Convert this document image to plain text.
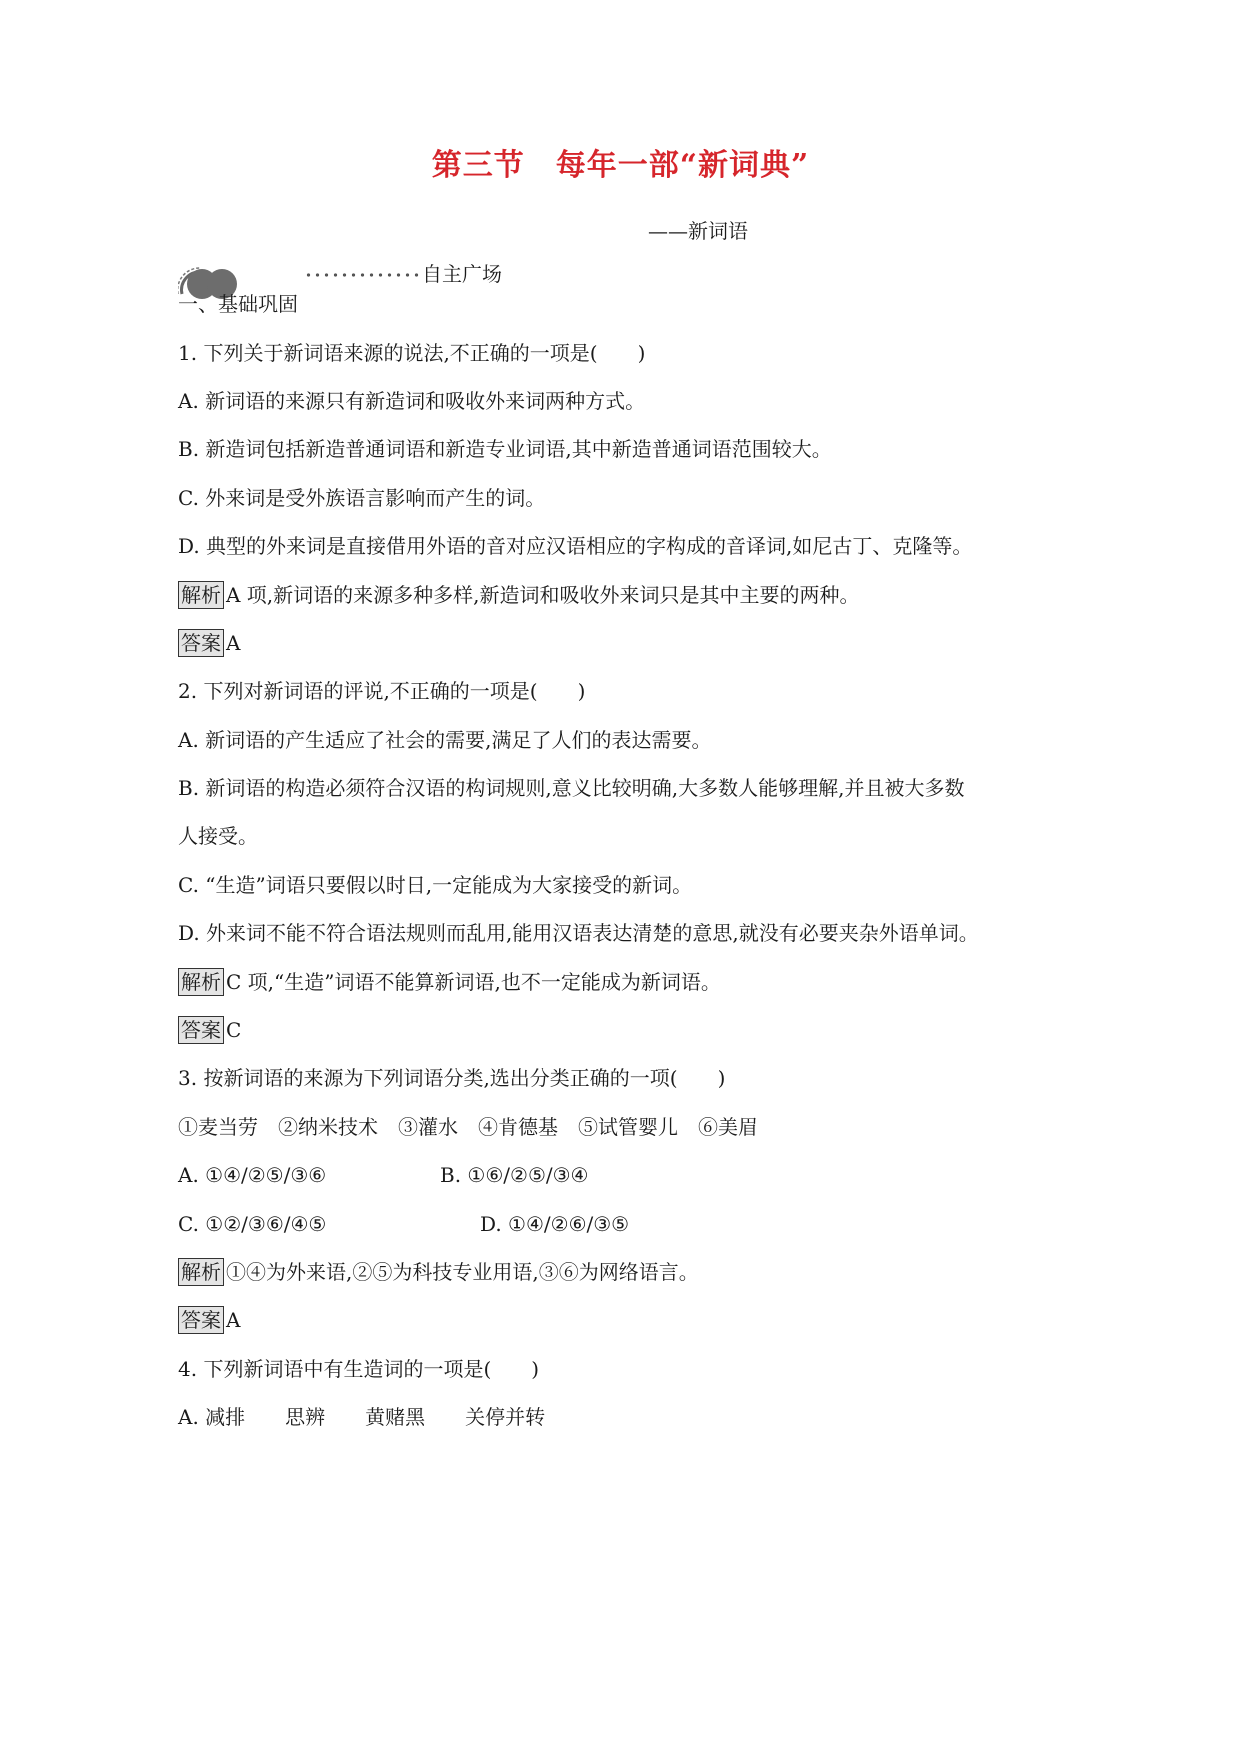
第三节　每年一部“新词典”
——新词语
自主广场
一、基础巩固
1. 下列关于新词语来源的说法,不正确的一项是(　　)
A. 新词语的来源只有新造词和吸收外来词两种方式。
B. 新造词包括新造普通词语和新造专业词语,其中新造普通词语范围较大。
C. 外来词是受外族语言影响而产生的词。
D. 典型的外来词是直接借用外语的音对应汉语相应的字构成的音译词,如尼古丁、克隆等。
解析 A 项,新词语的来源多种多样,新造词和吸收外来词只是其中主要的两种。
答案 A
2. 下列对新词语的评说,不正确的一项是(　　)
A. 新词语的产生适应了社会的需要,满足了人们的表达需要。
B. 新词语的构造必须符合汉语的构词规则,意义比较明确,大多数人能够理解,并且被大多数
人接受。
C. “生造”词语只要假以时日,一定能成为大家接受的新词。
D. 外来词不能不符合语法规则而乱用,能用汉语表达清楚的意思,就没有必要夹杂外语单词。
解析 C 项,“生造”词语不能算新词语,也不一定能成为新词语。
答案 C
3. 按新词语的来源为下列词语分类,选出分类正确的一项(　　)
①麦当劳　②纳米技术　③灌水　④肯德基　⑤试管婴儿　⑥美眉
A. ①④/②⑤/③⑥	B. ①⑥/②⑤/③④
C. ①②/③⑥/④⑤	D. ①④/②⑥/③⑤
解析 ①④为外来语,②⑤为科技专业用语,③⑥为网络语言。
答案 A
4. 下列新词语中有生造词的一项是(　　)
A. 减排　　思辨　　黄赌黑　　关停并转
